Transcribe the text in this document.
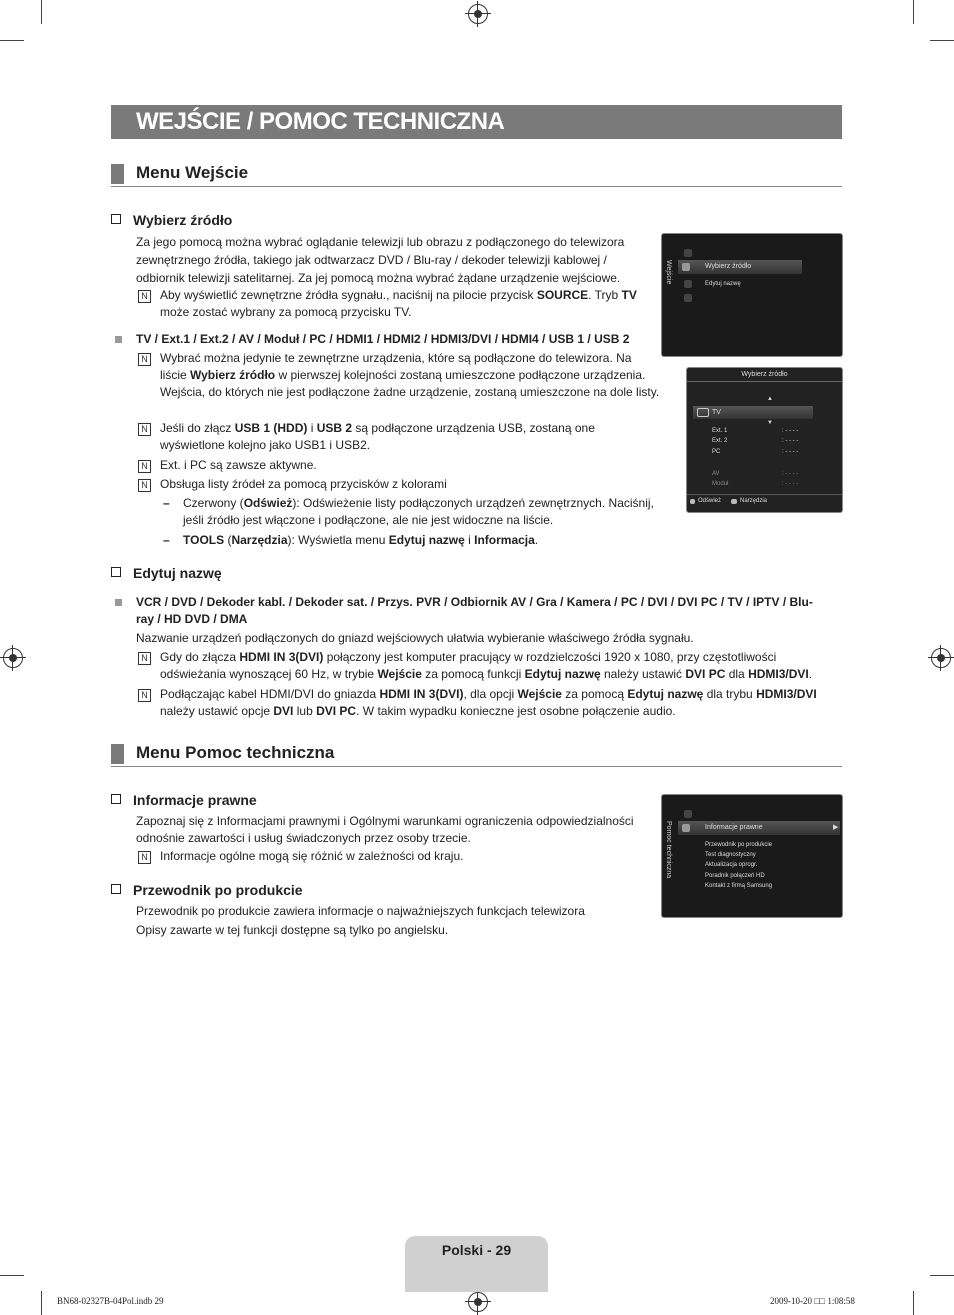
WEJŚCIE / POMOC TECHNICZNA
Menu Wejście
Wybierz źródło
Za jego pomocą można wybrać oglądanie telewizji lub obrazu z podłączonego do telewizora zewnętrznego źródła, takiego jak odtwarzacz DVD / Blu-ray / dekoder telewizji kablowej / odbiornik telewizji satelitarnej. Za jej pomocą można wybrać żądane urządzenie wejściowe.
N Aby wyświetlić zewnętrzne źródła sygnału., naciśnij na pilocie przycisk SOURCE. Tryb TV może zostać wybrany za pomocą przycisku TV.
TV / Ext.1 / Ext.2 / AV / Moduł / PC / HDMI1 / HDMI2 / HDMI3/DVI / HDMI4 / USB 1 / USB 2
N Wybrać można jedynie te zewnętrzne urządzenia, które są podłączone do telewizora. Na liście Wybierz źródło w pierwszej kolejności zostaną umieszczone podłączone urządzenia. Wejścia, do których nie jest podłączone żadne urządzenie, zostaną umieszczone na dole listy.
N Jeśli do złącz USB 1 (HDD) i USB 2 są podłączone urządzenia USB, zostaną one wyświetlone kolejno jako USB1 i USB2.
N Ext. i PC są zawsze aktywne.
N Obsługa listy źródeł za pomocą przycisków z kolorami
– Czerwony (Odśwież): Odświeżenie listy podłączonych urządzeń zewnętrznych. Naciśnij, jeśli źródło jest włączone i podłączone, ale nie jest widoczne na liście.
– TOOLS (Narzędzia): Wyświetla menu Edytuj nazwę i Informacja.
Edytuj nazwę
VCR / DVD / Dekoder kabl. / Dekoder sat. / Przys. PVR / Odbiornik AV / Gra / Kamera / PC / DVI / DVI PC / TV / IPTV / Blu-ray / HD DVD / DMA
Nazwanie urządzeń podłączonych do gniazd wejściowych ułatwia wybieranie właściwego źródła sygnału.
N Gdy do złącza HDMI IN 3(DVI) połączony jest komputer pracujący w rozdzielczości 1920 x 1080, przy częstotliwości odświeżania wynoszącej 60 Hz, w trybie Wejście za pomocą funkcji Edytuj nazwę należy ustawić DVI PC dla HDMI3/DVI.
N Podłączając kabel HDMI/DVI do gniazda HDMI IN 3(DVI), dla opcji Wejście za pomocą Edytuj nazwę dla trybu HDMI3/DVI należy ustawić opcje DVI lub DVI PC. W takim wypadku konieczne jest osobne połączenie audio.
Menu Pomoc techniczna
Informacje prawne
Zapoznaj się z Informacjami prawnymi i Ogólnymi warunkami ograniczenia odpowiedzialności odnośnie zawartości i usług świadczonych przez osoby trzecie.
N Informacje ogólne mogą się różnić w zależności od kraju.
Przewodnik po produkcie
Przewodnik po produkcie zawiera informacje o najważniejszych funkcjach telewizora
Opisy zawarte w tej funkcji dostępne są tylko po angielsku.
Wejście	Wybierz źródło
Edytuj nazwę
Wybierz źródło
▲
TV
▼
Ext. 1	: - - - -
Ext. 2	: - - - -
PC	: - - - -
AV	: - - - -
Moduł	: - - - -
Odśwież	Narzędzia
Pomoc techniczna	Informacje prawne	▶
Przewodnik po produkcie
Test diagnostyczny
Aktualizacja oprogr.
Poradnik połączeń HD
Kontakt z firmą Samsung
Polski - 29
BN68-02327B-04Pol.indb 29	2009-10-20 □□ 1:08:58
